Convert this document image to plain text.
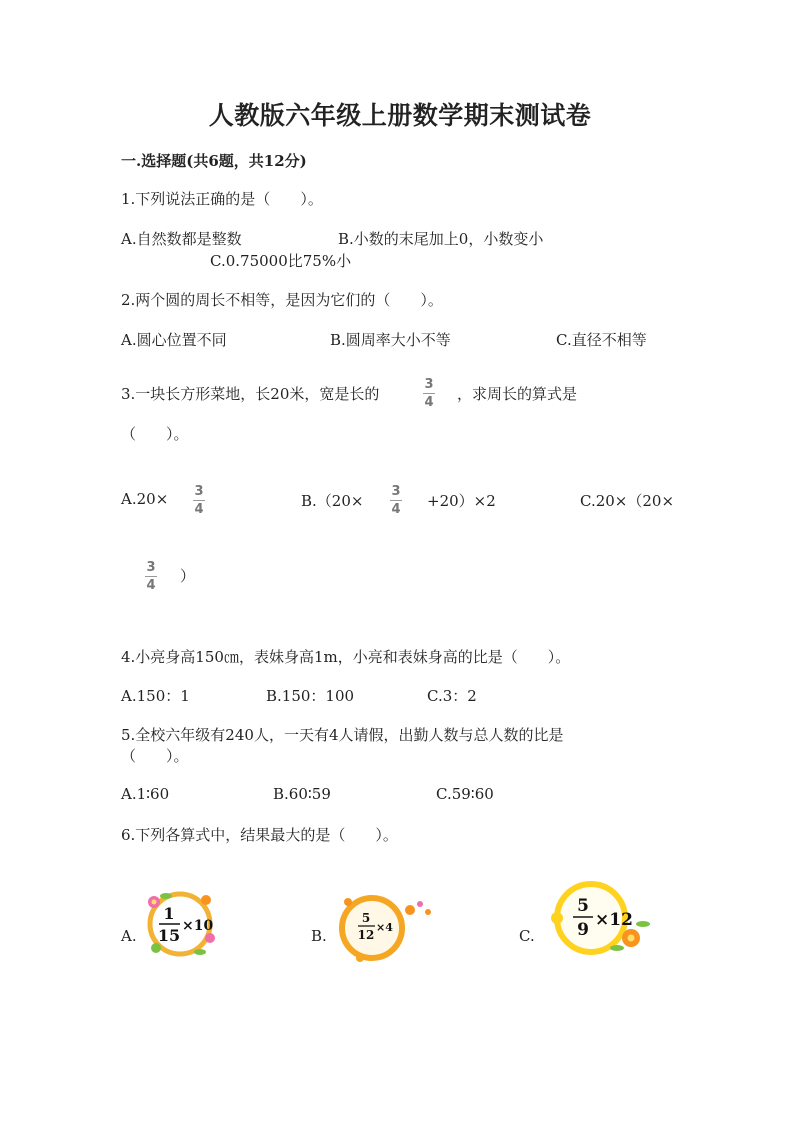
人教版六年级上册数学期末测试卷
一.选择题(共6题，共12分)
1.下列说法正确的是（　　）。
A.自然数都是整数	B.小数的末尾加上0，小数变小
C.0.75000比75%小
2.两个圆的周长不相等，是因为它们的（　　）。
A.圆心位置不同	B.圆周率大小不等	C.直径不相等
3.一块长方形菜地，长20米，宽是长的
3
4 ，求周长的算式是
（　　）。
A.20× 3
4	B.（20×
3
4 +20）×2	C.20×（20×
3
4
）
4.小亮身高150㎝，表妹身高1m，小亮和表妹身高的比是（　　）。
A.150：1	B.150：100	C.3：2
5.全校六年级有240人，一天有4人请假，出勤人数与总人数的比是
（　　）。
A.1∶60	B.60∶59	C.59∶60
6.下列各算式中，结果最大的是（　　）。
A.
1
15 ×10
B.
5
12
×4	C.
5
9 ×12
